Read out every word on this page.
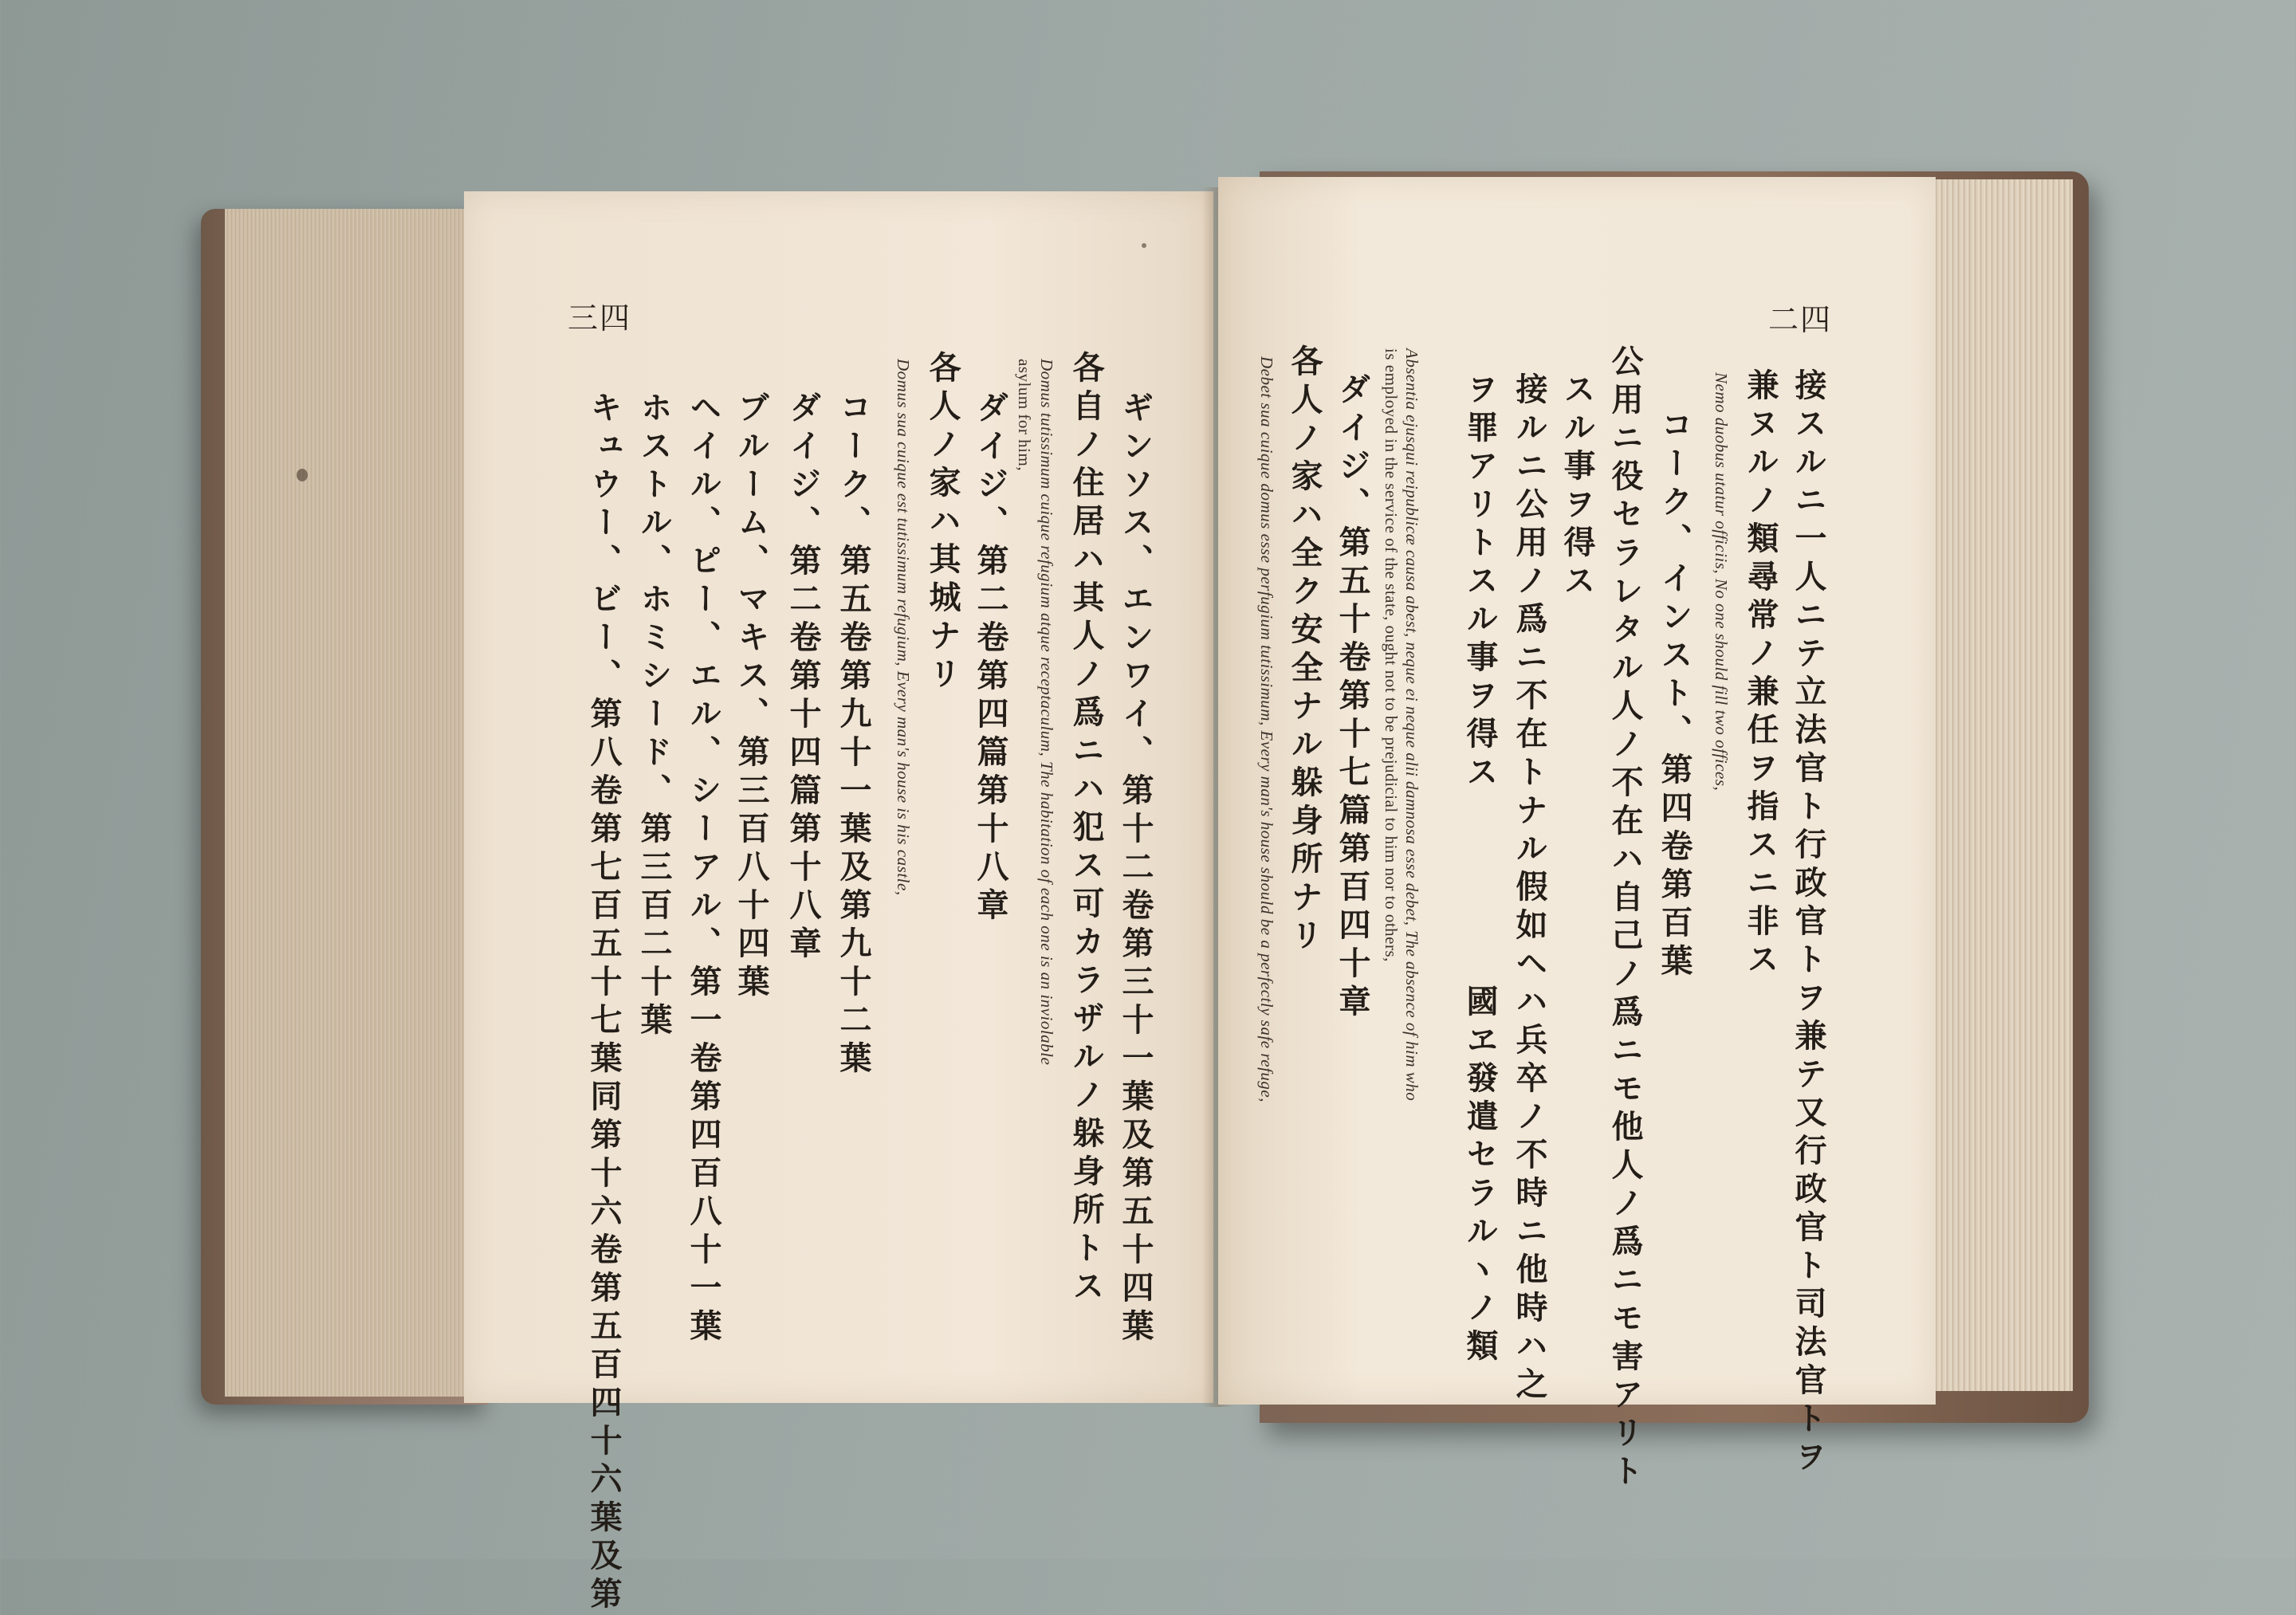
三四
ギンソス、エンワイ、第十二卷第三十一葉及第五十四葉
各自ノ住居ハ其人ノ爲ニハ犯ス可カラザルノ躲身所トス
Domus tutissimum cuique refugium atque receptaculum, The habitation of each one is an inviolable
asylum for him,
ダイジ、第二卷第四篇第十八章
各人ノ家ハ其城ナリ
Domus sua cuique est tutissimum refugium, Every man's house is his castle,
コーク、第五卷第九十一葉及第九十二葉
ダイジ、第二卷第十四篇第十八章
ブルーム、マキス、第三百八十四葉
ヘイル、ピー、エル、シーアル、第一卷第四百八十一葉
ホストル、ホミシード、第三百二十葉
キュウー、ビー、第八卷第七百五十七葉同第十六卷第五百四十六葉及第
二四
接スルニ一人ニテ立法官ト行政官トヲ兼テ又行政官ト司法官トヲ
兼ヌルノ類尋常ノ兼任ヲ指スニ非ス
Nemo duobus utatur officiis, No one should fill two offices,
コーク、インスト、第四卷第百葉
公用ニ役セラレタル人ノ不在ハ自己ノ爲ニモ他人ノ爲ニモ害アリト
スル事ヲ得ス
接ルニ公用ノ爲ニ不在トナル假如ヘハ兵卒ノ不時ニ他時ハ之
ヲ罪アリトスル事ヲ得ス　　　　　國ヱ發遣セラルヽノ類
Absentia ejusqui reipublicæ causa abest, neque ei neque alii damnosa esse debet, The absence of him who
is employed in the service of the state, ought not to be prejudicial to him nor to others,
ダイジ、第五十卷第十七篇第百四十章
各人ノ家ハ全ク安全ナル躲身所ナリ
Debet sua cuique domus esse perfugium tutissimum, Every man's house should be a perfectly safe refuge,
